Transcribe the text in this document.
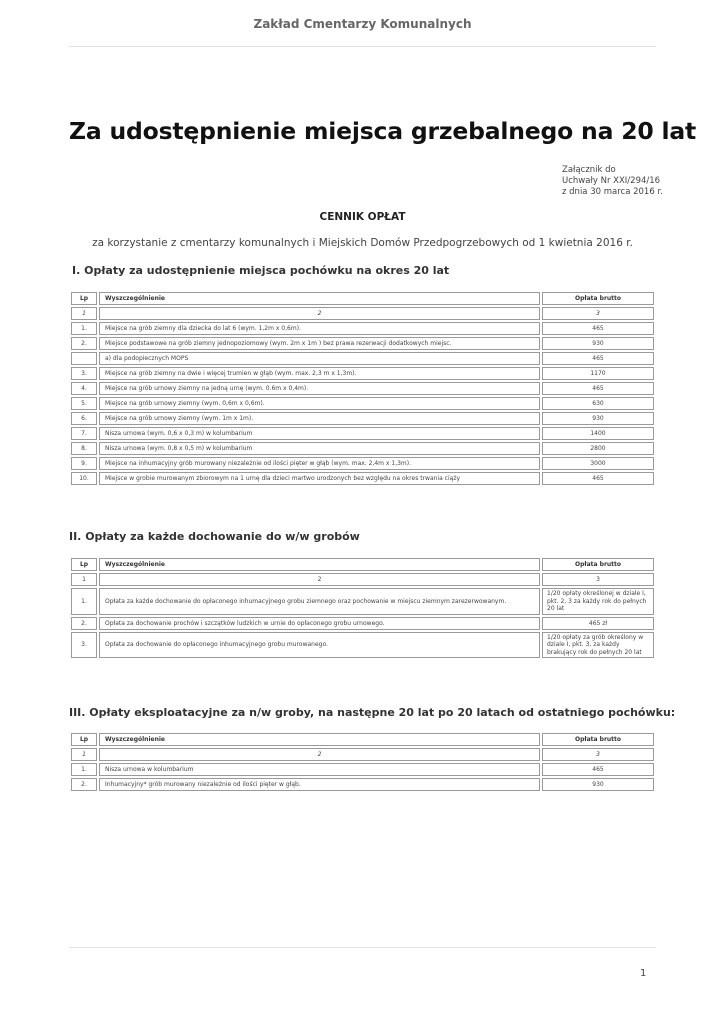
Zakład Cmentarzy Komunalnych
Za udostępnienie miejsca grzebalnego na 20 lat
Załącznik do
Uchwały Nr XXI/294/16
z dnia 30 marca 2016 r.
CENNIK OPŁAT
za korzystanie z cmentarzy komunalnych i Miejskich Domów Przedpogrzebowych od 1 kwietnia 2016 r.
I. Opłaty za udostępnienie miejsca pochówku na okres 20 lat
Lp	Wyszczególnienie	Opłata brutto
1	2	3
1.	Miejsce na grób ziemny dla dziecka do lat 6 (wym. 1,2m x 0,6m).	465
2.	Miejsce podstawowe na grób ziemny jednopoziomowy (wym. 2m x 1m ) bez prawa rezerwacji dodatkowych miejsc.	930
	a) dla podopiecznych MOPS	465
3.	Miejsce na grób ziemny na dwie i więcej trumien w głąb (wym. max. 2,3 m x 1,3m).	1170
4.	Miejsce na grób urnowy ziemny na jedną urnę (wym. 0.6m x 0,4m).	465
5.	Miejsce na grób urnowy ziemny (wym. 0,6m x 0,6m).	630
6.	Miejsce na grób urnowy ziemny (wym. 1m x 1m).	930
7.	Nisza urnowa (wym. 0,6 x 0,3 m) w kolumbarium	1400
8.	Nisza urnowa (wym. 0,8 x 0,5 m) w kolumbarium	2800
9.	Miejsce na inhumacyjny grób murowany niezależnie od ilości pięter w głąb (wym. max. 2,4m x 1,3m).	3000
10.	Miejsce w grobie murowanym zbiorowym na 1 urnę dla dzieci martwo urodzonych bez względu na okres trwania ciąży	465
II. Opłaty za każde dochowanie do w/w grobów
Lp	Wyszczególnienie	Opłata brutto
1	2	3
1.	Opłata za każde dochowanie do opłaconego inhumacyjnego grobu ziemnego oraz pochowanie w miejscu ziemnym zarezerwowanym.	1/20 opłaty określonej w dziale I, pkt. 2, 3 za każdy rok do pełnych 20 lat
2.	Opłata za dochowanie prochów i szczątków ludzkich w urnie do opłaconego grobu urnowego.	465 zł
3.	Opłata za dochowanie do opłaconego inhumacyjnego grobu murowanego.	1/20 opłaty za grób określony w dziale I, pkt. 3, za każdy brakujący rok do pełnych 20 lat
III. Opłaty eksploatacyjne za n/w groby, na następne 20 lat po 20 latach od ostatniego pochówku:
Lp	Wyszczególnienie	Opłata brutto
1	2	3
1.	Nisza urnowa w kolumbarium	465
2.	Inhumacyjny* grób murowany niezależnie od ilości pięter w głąb.	930
1
